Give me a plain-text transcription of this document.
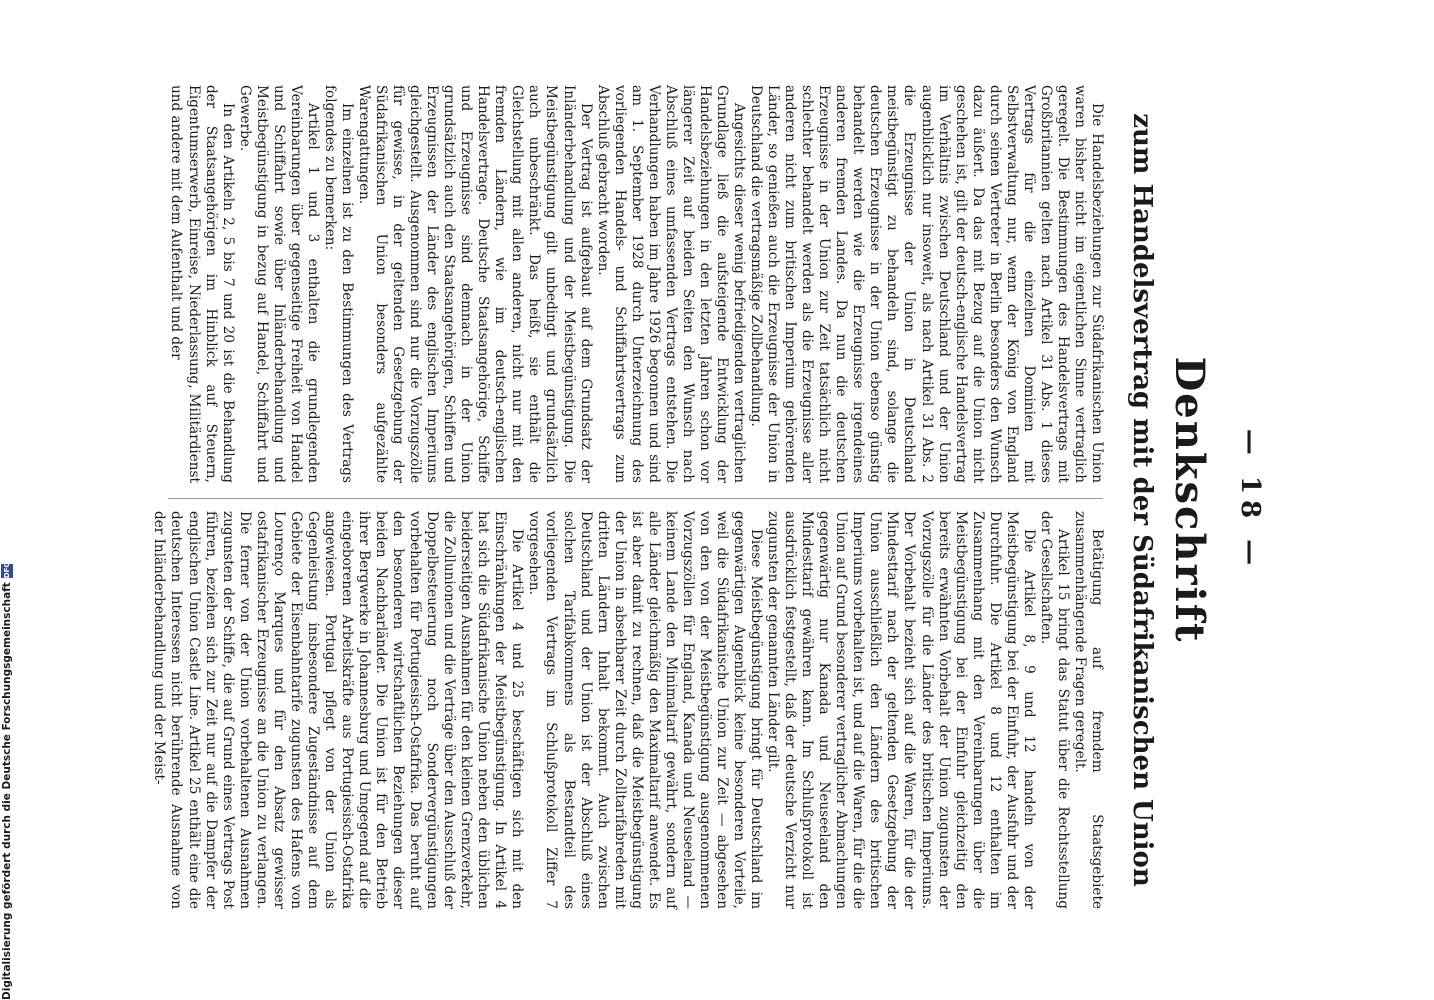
— 18 —
Denkschrift
zum Handelsvertrag mit der Südafrikanischen Union

Die Handelsbeziehungen zur Südafrikanischen Union waren bisher nicht im eigentlichen Sinne vertraglich geregelt. Die Bestimmungen des Handelsvertrags mit Großbritannien gelten nach Artikel 31 Abs. 1 dieses Vertrags für die einzelnen Dominien mit Selbstverwaltung nur, wenn der König von England durch seinen Vertreter in Berlin besonders den Wunsch dazu äußert. Da das mit Bezug auf die Union nicht geschehen ist, gilt der deutsch-englische Handelsvertrag im Verhältnis zwischen Deutschland und der Union augenblicklich nur insoweit, als nach Artikel 31 Abs. 2 die Erzeugnisse der Union in Deutschland meistbegünstigt zu behandeln sind, solange die deutschen Erzeugnisse in der Union ebenso günstig behandelt werden wie die Erzeugnisse irgendeines anderen fremden Landes. Da nun die deutschen Erzeugnisse in der Union zur Zeit tatsächlich nicht schlechter behandelt werden als die Erzeugnisse aller anderen nicht zum britischen Imperium gehörenden Länder, so genießen auch die Erzeugnisse der Union in Deutschland die vertragsmäßige Zollbehandlung.

Angesichts dieser wenig befriedigenden vertraglichen Grundlage ließ die aufsteigende Entwicklung der Handelsbeziehungen in den letzten Jahren schon vor längerer Zeit auf beiden Seiten den Wunsch nach Abschluß eines umfassenden Vertrags entstehen. Die Verhandlungen haben im Jahre 1926 begonnen und sind am 1. September 1928 durch Unterzeichnung des vorliegenden Handels- und Schiffahrtsvertrags zum Abschluß gebracht worden.

Der Vertrag ist aufgebaut auf dem Grundsatz der Inländerbehandlung und der Meistbegünstigung. Die Meistbegünstigung gilt unbedingt und grundsätzlich auch unbeschränkt. Das heißt, sie enthält die Gleichstellung mit allen anderen, nicht nur mit den fremden Ländern, wie im deutsch-englischen Handelsvertrage. Deutsche Staatsangehörige, Schiffe und Erzeugnisse sind demnach in der Union grundsätzlich auch den Staatsangehörigen, Schiffen und Erzeugnissen der Länder des englischen Imperiums gleichgestellt. Ausgenommen sind nur die Vorzugszölle für gewisse, in der geltenden Gesetzgebung der Südafrikanischen Union besonders aufgezählte Warengattungen.

Im einzelnen ist zu den Bestimmungen des Vertrags folgendes zu bemerken:

Artikel 1 und 3 enthalten die grundlegenden Vereinbarungen über gegenseitige Freiheit von Handel und Schiffahrt sowie über Inländerbehandlung und Meistbegünstigung in bezug auf Handel, Schiffahrt und Gewerbe.

In den Artikeln 2, 5 bis 7 und 20 ist die Behandlung der Staatsangehörigen im Hinblick auf Steuern, Eigentumserwerb, Einreise, Niederlassung, Militärdienst und andere mit dem Aufenthalt und der

Betätigung auf fremdem Staatsgebiete zusammenhängende Fragen geregelt.

Artikel 15 bringt das Statut über die Rechtsstellung der Gesellschaften.

Die Artikel 8, 9 und 12 handeln von der Meistbegünstigung bei der Einfuhr, der Ausfuhr und der Durchfuhr. Die Artikel 8 und 12 enthalten im Zusammenhang mit den Vereinbarungen über die Meistbegünstigung bei der Einfuhr gleichzeitig den bereits erwähnten Vorbehalt der Union zugunsten der Vorzugszölle für die Länder des britischen Imperiums. Der Vorbehalt bezieht sich auf die Waren, für die der Mindesttarif nach der geltenden Gesetzgebung der Union ausschließlich den Ländern des britischen Imperiums vorbehalten ist, und auf die Waren, für die die Union auf Grund besonderer vertraglicher Abmachungen gegenwärtig nur Kanada und Neuseeland den Mindesttarif gewähren kann. Im Schlußprotokoll ist ausdrücklich festgestellt, daß der deutsche Verzicht nur zugunsten der genannten Länder gilt.

Diese Meistbegünstigung bringt für Deutschland im gegenwärtigen Augenblick keine besonderen Vorteile, weil die Südafrikanische Union zur Zeit — abgesehen von den von der Meistbegünstigung ausgenommenen Vorzugszöllen für England, Kanada und Neuseeland — keinem Lande den Minimaltarif gewährt, sondern auf alle Länder gleichmäßig den Maximaltarif anwendet. Es ist aber damit zu rechnen, daß die Meistbegünstigung der Union in absehbarer Zeit durch Zolltarifabreden mit dritten Ländern Inhalt bekommt. Auch zwischen Deutschland und der Union ist der Abschluß eines solchen Tarifabkommens als Bestandteil des vorliegenden Vertrags im Schlußprotokoll Ziffer 7 vorgesehen.

Die Artikel 4 und 25 beschäftigen sich mit den Einschränkungen der Meistbegünstigung. In Artikel 4 hat sich die Südafrikanische Union neben den üblichen beiderseitigen Ausnahmen für den kleinen Grenzverkehr, die Zollunionen und die Verträge über den Ausschluß der Doppelbesteuerung noch Sondervergünstigungen vorbehalten für Portugiesisch-Ostafrika. Das beruht auf den besonderen wirtschaftlichen Beziehungen dieser beiden Nachbarländer. Die Union ist für den Betrieb ihrer Bergwerke in Johannesburg und Umgegend auf die eingeborenen Arbeitskräfte aus Portugiesisch-Ostafrika angewiesen. Portugal pflegt von der Union als Gegenleistung insbesondere Zugeständnisse auf dem Gebiete der Eisenbahntarife zugunsten des Hafens von Lourenço Marques und für den Absatz gewisser ostafrikanischer Erzeugnisse an die Union zu verlangen. Die ferner von der Union vorbehaltenen Ausnahmen zugunsten der Schiffe, die auf Grund eines Vertrags Post führen, beziehen sich zur Zeit nur auf die Dampfer der englischen Union Castle Line. Artikel 25 enthält eine die deutschen Interessen nicht berührende Ausnahme von der Inländerbehandlung und der Meist-

Digitalisierung gefördert durch die Deutsche Forschungsgemeinschaft
DFG
